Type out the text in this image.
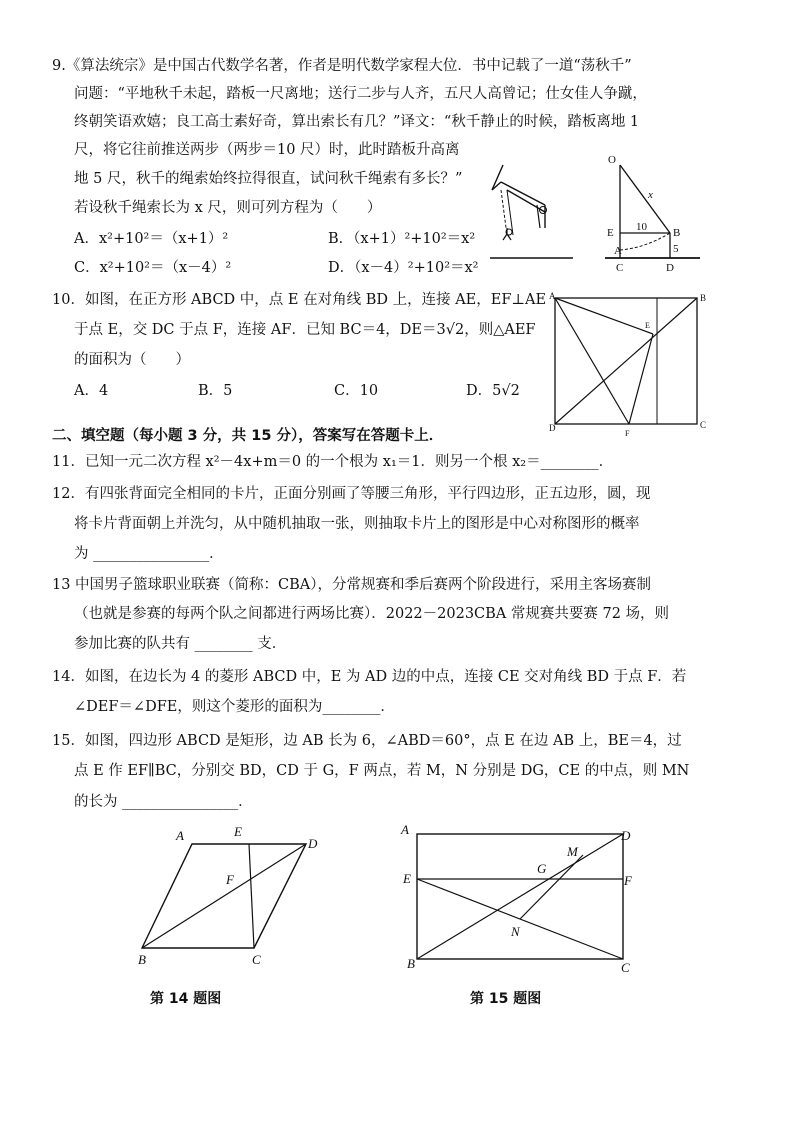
9.《算法统宗》是中国古代数学名著，作者是明代数学家程大位．书中记载了一道“荡秋千”
问题：“平地秋千未起，踏板一尺离地；送行二步与人齐，五尺人高曾记；仕女佳人争蹴，
终朝笑语欢嬉；良工高士素好奇，算出索长有几？”译文：“秋千静止的时候，踏板离地 1
尺，将它往前推送两步（两步＝10 尺）时，此时踏板升高离
地 5 尺，秋千的绳索始终拉得很直，试问秋千绳索有多长？”
若设秋千绳索长为 x 尺，则可列方程为（　　）
A．x²+10²＝（x+1）²	B．（x+1）²+10²＝x²
C．x²+10²＝（x－4）²	D．（x－4）²+10²＝x²
O
x
E 10 B
A	5
C	D
10．如图，在正方形 ABCD 中，点 E 在对角线 BD 上，连接 AE，EF⊥AE
于点 E，交 DC 于点 F，连接 AF．已知 BC＝4，DE＝3√2，则△AEF
的面积为（　　）
A．4	B．5	C．10	D．5√2
A	B
C
D
E
F
二、填空题（每小题 3 分，共 15 分），答案写在答题卡上．
11．已知一元二次方程 x²－4x+m＝0 的一个根为 x₁＝1．则另一个根 x₂＝________．
12．有四张背面完全相同的卡片，正面分别画了等腰三角形，平行四边形，正五边形，圆，现
将卡片背面朝上并洗匀，从中随机抽取一张，则抽取卡片上的图形是中心对称图形的概率
为 ________________．
13 中国男子篮球职业联赛（简称：CBA），分常规赛和季后赛两个阶段进行，采用主客场赛制
（也就是参赛的每两个队之间都进行两场比赛）．2022－2023CBA 常规赛共要赛 72 场，则
参加比赛的队共有 ________ 支．
14．如图，在边长为 4 的菱形 ABCD 中，E 为 AD 边的中点，连接 CE 交对角线 BD 于点 F．若
∠DEF＝∠DFE，则这个菱形的面积为________．
15．如图，四边形 ABCD 是矩形，边 AB 长为 6，∠ABD＝60°，点 E 在边 AB 上，BE＝4，过
点 E 作 EF∥BC，分别交 BD，CD 于 G，F 两点，若 M，N 分别是 DG，CE 的中点，则 MN
的长为 ________________．
A	E
D
F
B	C
A	D
M
E
G
F
N
B	C
第 14 题图	第 15 题图
